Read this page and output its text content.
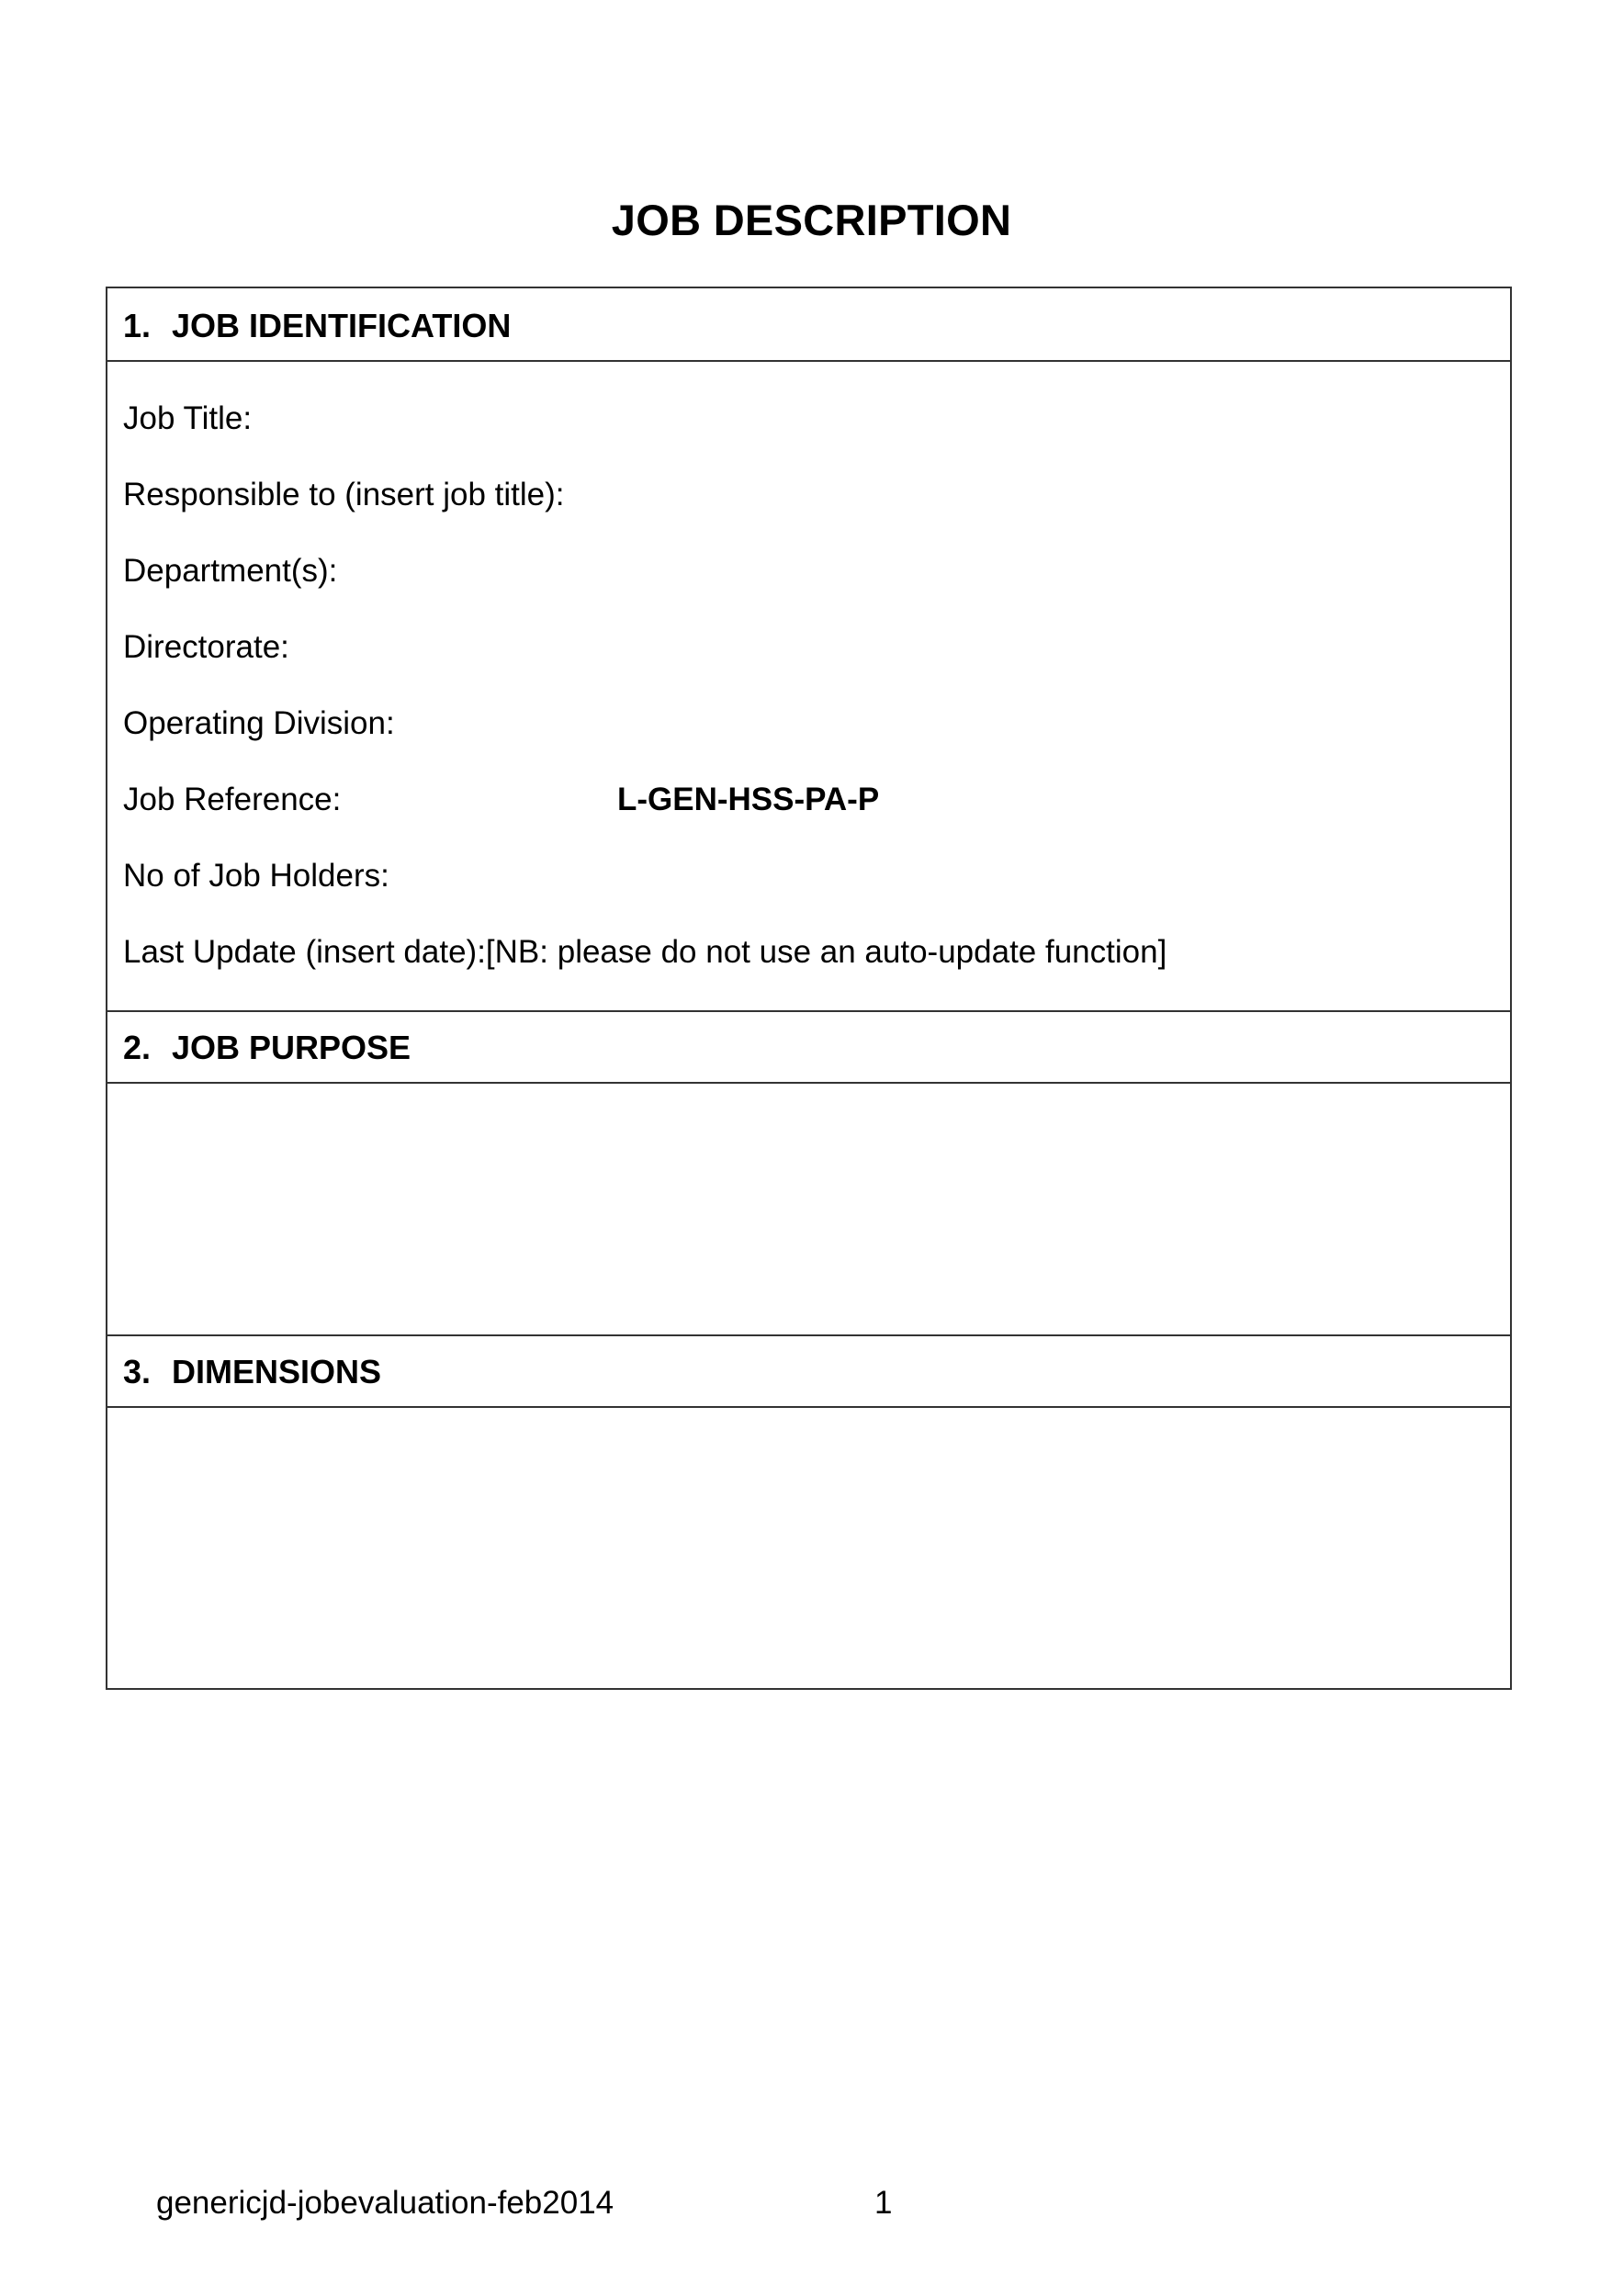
JOB DESCRIPTION
1. JOB IDENTIFICATION
Job Title:
Responsible to (insert job title):
Department(s):
Directorate:
Operating Division:
Job Reference:	L-GEN-HSS-PA-P
No of Job Holders:
Last Update (insert date):[NB: please do not use an auto-update function]
2. JOB PURPOSE
3. DIMENSIONS
genericjd-jobevaluation-feb2014	1
